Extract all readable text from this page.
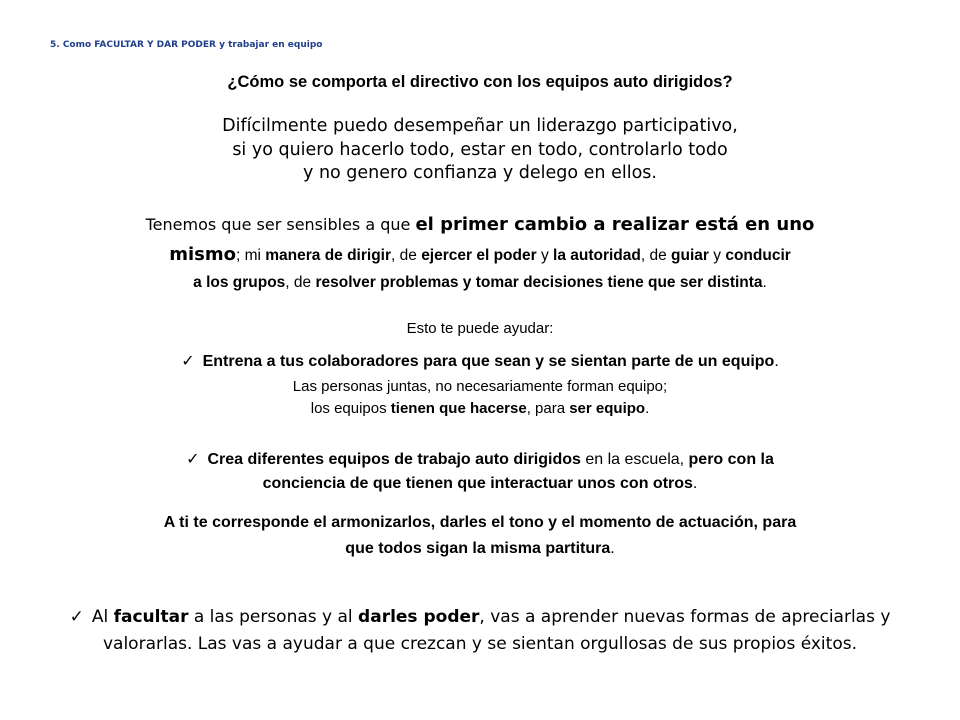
5. Como FACULTAR Y DAR PODER y trabajar en equipo
¿Cómo se comporta el directivo con los equipos auto dirigidos?
Difícilmente puedo desempeñar un liderazgo participativo,
si yo quiero hacerlo todo, estar en todo, controlarlo todo
y no genero confianza y delego en ellos.
Tenemos que ser sensibles a que el primer cambio a realizar está en uno
mismo; mi manera de dirigir, de ejercer el poder y la autoridad, de guiar y conducir
a los grupos, de resolver problemas y tomar decisiones tiene que ser distinta.
Esto te puede ayudar:
✓ Entrena a tus colaboradores para que sean y se sientan parte de un equipo.
Las personas juntas, no necesariamente forman equipo;
los equipos tienen que hacerse, para ser equipo.
✓ Crea diferentes equipos de trabajo auto dirigidos en la escuela, pero con la
conciencia de que tienen que interactuar unos con otros.
A ti te corresponde el armonizarlos, darles el tono y el momento de actuación, para
que todos sigan la misma partitura.
✓ Al facultar a las personas y al darles poder, vas a aprender nuevas formas de apreciarlas y
valorarlas. Las vas a ayudar a que crezcan y se sientan orgullosas de sus propios éxitos.
